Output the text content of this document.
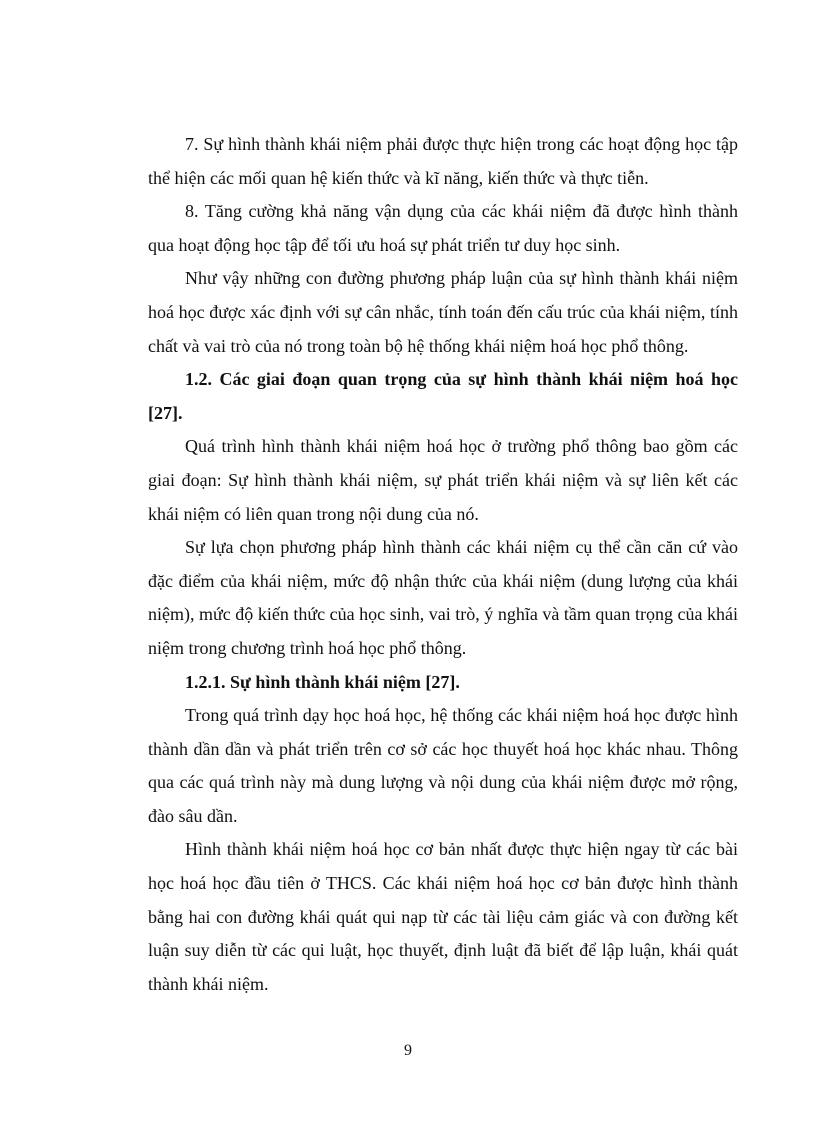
7. Sự hình thành khái niệm phải được thực hiện trong các hoạt động học tập thể hiện các mối quan hệ kiến thức và kĩ năng, kiến thức và thực tiễn.

8. Tăng cường khả năng vận dụng của các khái niệm đã được hình thành qua hoạt động học tập để tối ưu hoá sự phát triển tư duy học sinh.

Như vậy những con đường phương pháp luận của sự hình thành khái niệm hoá học được xác định với sự cân nhắc, tính toán đến cấu trúc của khái niệm, tính chất và vai trò của nó trong toàn bộ hệ thống khái niệm hoá học phổ thông.

1.2. Các giai đoạn quan trọng của sự hình thành khái niệm hoá học [27].

Quá trình hình thành khái niệm hoá học ở trường phổ thông bao gồm các giai đoạn: Sự hình thành khái niệm, sự phát triển khái niệm và sự liên kết các khái niệm có liên quan trong nội dung của nó.

Sự lựa chọn phương pháp hình thành các khái niệm cụ thể cần căn cứ vào đặc điểm của khái niệm, mức độ nhận thức của khái niệm (dung lượng của khái niệm), mức độ kiến thức của học sinh, vai trò, ý nghĩa và tầm quan trọng của khái niệm trong chương trình hoá học phổ thông.

1.2.1. Sự hình thành khái niệm [27].

Trong quá trình dạy học hoá học, hệ thống các khái niệm hoá học được hình thành dần dần và phát triển trên cơ sở các học thuyết hoá học khác nhau. Thông qua các quá trình này mà dung lượng và nội dung của khái niệm được mở rộng, đào sâu dần.

Hình thành khái niệm hoá học cơ bản nhất được thực hiện ngay từ các bài học hoá học đầu tiên ở THCS. Các khái niệm hoá học cơ bản được hình thành bằng hai con đường khái quát qui nạp từ các tài liệu cảm giác và con đường kết luận suy diễn từ các qui luật, học thuyết, định luật đã biết để lập luận, khái quát thành khái niệm.

9
